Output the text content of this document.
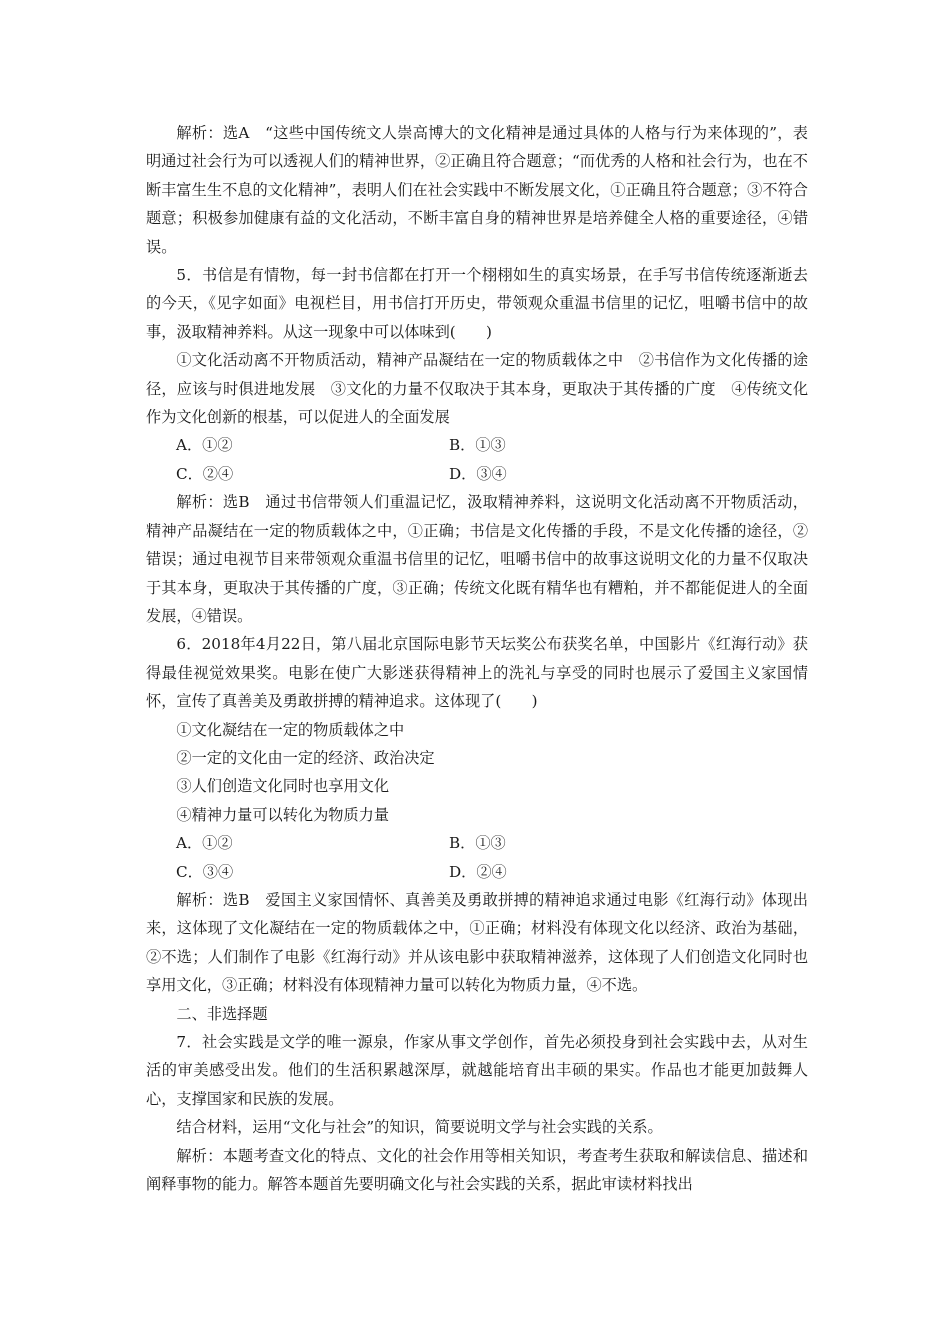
解析：选A　“这些中国传统文人崇高博大的文化精神是通过具体的人格与行为来体现的”，表明通过社会行为可以透视人们的精神世界，②正确且符合题意；“而优秀的人格和社会行为，也在不断丰富生生不息的文化精神”，表明人们在社会实践中不断发展文化，①正确且符合题意；③不符合题意；积极参加健康有益的文化活动，不断丰富自身的精神世界是培养健全人格的重要途径，④错误。

5．书信是有情物，每一封书信都在打开一个栩栩如生的真实场景，在手写书信传统逐渐逝去的今天，《见字如面》电视栏目，用书信打开历史，带领观众重温书信里的记忆，咀嚼书信中的故事，汲取精神养料。从这一现象中可以体味到(　　)

①文化活动离不开物质活动，精神产品凝结在一定的物质载体之中　②书信作为文化传播的途径，应该与时俱进地发展　③文化的力量不仅取决于其本身，更取决于其传播的广度　④传统文化作为文化创新的根基，可以促进人的全面发展

A．①②	B．①③
C．②④	D．③④

解析：选B　通过书信带领人们重温记忆，汲取精神养料，这说明文化活动离不开物质活动，精神产品凝结在一定的物质载体之中，①正确；书信是文化传播的手段，不是文化传播的途径，②错误；通过电视节目来带领观众重温书信里的记忆，咀嚼书信中的故事这说明文化的力量不仅取决于其本身，更取决于其传播的广度，③正确；传统文化既有精华也有糟粕，并不都能促进人的全面发展，④错误。

6．2018年4月22日，第八届北京国际电影节天坛奖公布获奖名单，中国影片《红海行动》获得最佳视觉效果奖。电影在使广大影迷获得精神上的洗礼与享受的同时也展示了爱国主义家国情怀，宣传了真善美及勇敢拼搏的精神追求。这体现了(　　)

①文化凝结在一定的物质载体之中

②一定的文化由一定的经济、政治决定

③人们创造文化同时也享用文化

④精神力量可以转化为物质力量

A．①②	B．①③
C．③④	D．②④

解析：选B　爱国主义家国情怀、真善美及勇敢拼搏的精神追求通过电影《红海行动》体现出来，这体现了文化凝结在一定的物质载体之中，①正确；材料没有体现文化以经济、政治为基础，②不选；人们制作了电影《红海行动》并从该电影中获取精神滋养，这体现了人们创造文化同时也享用文化，③正确；材料没有体现精神力量可以转化为物质力量，④不选。

二、非选择题

7．社会实践是文学的唯一源泉，作家从事文学创作，首先必须投身到社会实践中去，从对生活的审美感受出发。他们的生活积累越深厚，就越能培育出丰硕的果实。作品也才能更加鼓舞人心，支撑国家和民族的发展。

结合材料，运用“文化与社会”的知识，简要说明文学与社会实践的关系。

解析：本题考查文化的特点、文化的社会作用等相关知识，考查考生获取和解读信息、描述和阐释事物的能力。解答本题首先要明确文化与社会实践的关系，据此审读材料找出
